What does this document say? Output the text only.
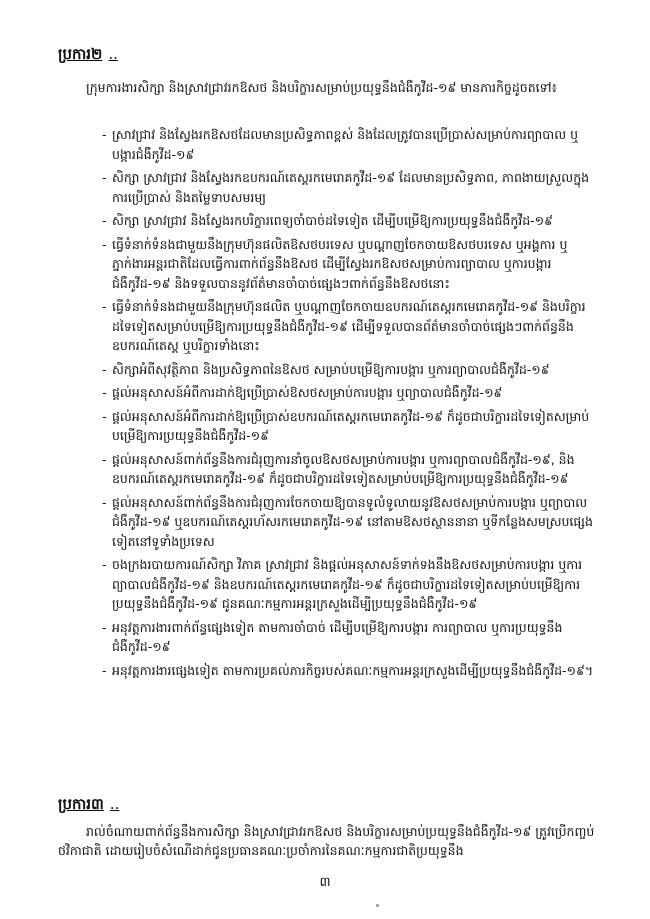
ប្រការ២ ..
ក្រុមការងារសិក្សា និងស្រាវជ្រាវរកឱសថ និងបរិក្ខារសម្រាប់ប្រយុទ្ធនឹងជំងឺកូវីដ-១៩ មានភារកិច្ចដូចតទៅ៖
- ស្រាវជ្រាវ និងស្វែងរកឱសថដែលមានប្រសិទ្ធភាពខ្ពស់ និងដែលត្រូវបានប្រើប្រាស់សម្រាប់ការព្យាបាល ឬបង្ការជំងឺកូវីដ-១៩
- សិក្សា ស្រាវជ្រាវ និងស្វែងរកឧបករណ៍តេស្តរកមេរោគកូវីដ-១៩ ដែលមានប្រសិទ្ធភាព, ភាពងាយស្រួលក្នុងការប្រើប្រាស់ និងតម្លៃទាបសមរម្យ
- សិក្សា ស្រាវជ្រាវ និងស្វែងរកបរិក្ខារពេទ្យចាំបាច់ដទៃទៀត ដើម្បីបម្រើឱ្យការប្រយុទ្ធនឹងជំងឺកូវីដ-១៩
- ធ្វើទំនាក់ទំនងជាមួយនឹងក្រុមហ៊ុនផលិតឱសថបរទេស ឬបណ្តាញចែកចាយឱសថបរទេស ឬអង្គការ ឬភ្នាក់ងារអន្តរជាតិដែលធ្វើការពាក់ព័ន្ធនឹងឱសថ ដើម្បីស្វែងរកឱសថសម្រាប់ការព្យាបាល ឬការបង្ការជំងឺកូវីដ-១៩ និងទទួលបាននូវព័ត៌មានចាំបាច់ផ្សេងៗពាក់ព័ន្ធនឹងឱសថនោះ
- ធ្វើទំនាក់ទំនងជាមួយនឹងក្រុមហ៊ុនផលិត ឬបណ្តាញចែកចាយឧបករណ៍តេស្តរកមេរោគកូវីដ-១៩ និងបរិក្ខារដទៃទៀតសម្រាប់បម្រើឱ្យការប្រយុទ្ធនឹងជំងឺកូវីដ-១៩ ដើម្បីទទួលបានព័ត៌មានចាំបាច់ផ្សេងៗពាក់ព័ន្ធនឹងឧបករណ៍តេស្ត ឬបរិក្ខារទាំងនោះ
- សិក្សាអំពីសុវត្ថិភាព និងប្រសិទ្ធភាពនៃឱសថ សម្រាប់បម្រើឱ្យការបង្ការ ឬការព្យាបាលជំងឺកូវីដ-១៩
- ផ្តល់អនុសាសន៍អំពីការដាក់ឱ្យប្រើប្រាស់ឱសថសម្រាប់ការបង្ការ ឬព្យាបាលជំងឺកូវីដ-១៩
- ផ្តល់អនុសាសន៍អំពីការដាក់ឱ្យប្រើប្រាស់ឧបករណ៍តេស្តរកមេរោគកូវីដ-១៩ ក៏ដូចជាបរិក្ខារដទៃទៀតសម្រាប់បម្រើឱ្យការប្រយុទ្ធនឹងជំងឺកូវីដ-១៩
- ផ្តល់អនុសាសន៍ពាក់ព័ន្ធនឹងការជំរុញការនាំចូលឱសថសម្រាប់ការបង្ការ ឬការព្យាបាលជំងឺកូវីដ-១៩, និងឧបករណ៍តេស្តរកមេរោគកូវីដ-១៩ ក៏ដូចជាបរិក្ខារដទៃទៀតសម្រាប់បម្រើឱ្យការប្រយុទ្ធនឹងជំងឺកូវីដ-១៩
- ផ្តល់អនុសាសន៍ពាក់ព័ន្ធនឹងការជំរុញការចែកចាយឱ្យបានទូលំទូលាយនូវឱសថសម្រាប់ការបង្ការ ឬព្យាបាលជំងឺកូវីដ-១៩ ឬឧបករណ៍តេស្តរហ័សរកមេរោគកូវីដ-១៩ នៅតាមឱសថស្ថាននានា ឬទីកន្លែងសមស្របផ្សេងទៀតនៅទូទាំងប្រទេស
- ចងក្រងរបាយការណ៍សិក្សា វិភាគ ស្រាវជ្រាវ និងផ្តល់អនុសាសន៍ទាក់ទងនឹងឱសថសម្រាប់ការបង្ការ ឬការព្យាបាលជំងឺកូវីដ-១៩ និងឧបករណ៍តេស្តរកមេរោគកូវីដ-១៩ ក៏ដូចជាបរិក្ខារដទៃទៀតសម្រាប់បម្រើឱ្យការប្រយុទ្ធនឹងជំងឺកូវីដ-១៩ ជូនគណៈកម្មការអន្តរក្រសួងដើម្បីប្រយុទ្ធនឹងជំងឺកូវីដ-១៩
- អនុវត្តការងារពាក់ព័ន្ធផ្សេងទៀត តាមការចាំបាច់ ដើម្បីបម្រើឱ្យការបង្ការ ការព្យាបាល ឬការប្រយុទ្ធនឹងជំងឺកូវីដ-១៩
- អនុវត្តការងារផ្សេងទៀត តាមការប្រគល់ភារកិច្ចរបស់គណៈកម្មការអន្តរក្រសួងដើម្បីប្រយុទ្ធនឹងជំងឺកូវីដ-១៩។
ប្រការ៣ ..
រាល់ចំណាយពាក់ព័ន្ធនឹងការសិក្សា និងស្រាវជ្រាវរកឱសថ និងបរិក្ខារសម្រាប់ប្រយុទ្ធនឹងជំងឺកូវីដ-១៩ ត្រូវប្រើកញ្ចប់ថវិកាជាតិ ដោយរៀបចំសំណើដាក់ជូនប្រធានគណៈប្រចាំការនៃគណៈកម្មការជាតិប្រយុទ្ធនឹង
៣
